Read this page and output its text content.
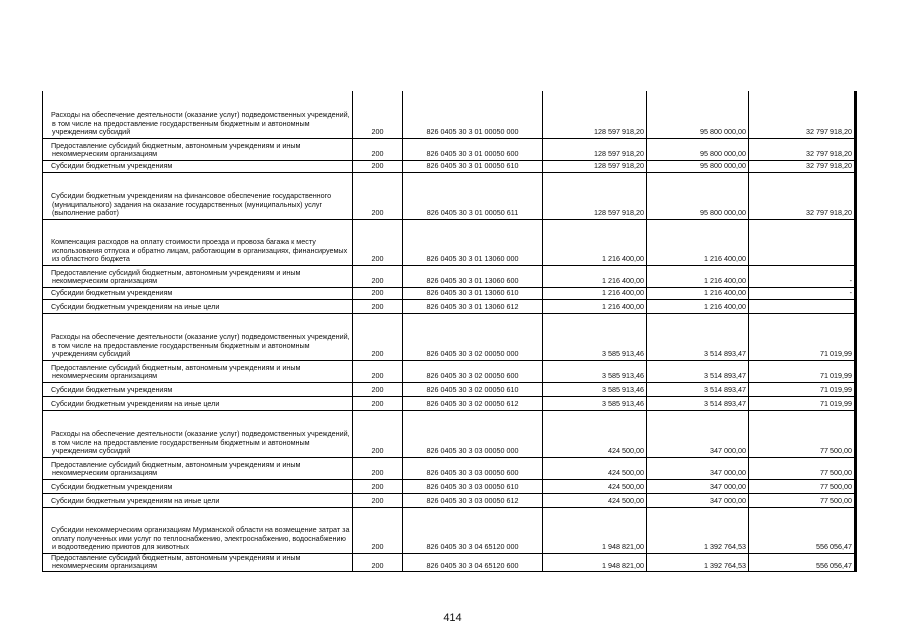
Расходы на обеспечение деятельности (оказание услуг) подведомственных учреждений, в том числе на предоставление государственным бюджетным и автономным учреждениям субсидий	200	826 0405 30 3 01 00050 000	128 597 918,20	95 800 000,00	32 797 918,20
Предоставление субсидий бюджетным, автономным учреждениям и иным некоммерческим организациям	200	826 0405 30 3 01 00050 600	128 597 918,20	95 800 000,00	32 797 918,20
Субсидии бюджетным учреждениям	200	826 0405 30 3 01 00050 610	128 597 918,20	95 800 000,00	32 797 918,20
Субсидии бюджетным учреждениям на финансовое обеспечение государственного (муниципального) задания на оказание государственных (муниципальных) услуг (выполнение работ)	200	826 0405 30 3 01 00050 611	128 597 918,20	95 800 000,00	32 797 918,20
Компенсация расходов на оплату стоимости проезда и провоза багажа к месту использования отпуска и обратно лицам, работающим в организациях, финансируемых из областного бюджета	200	826 0405 30 3 01 13060 000	1 216 400,00	1 216 400,00	
Предоставление субсидий бюджетным, автономным учреждениям и иным некоммерческим организациям	200	826 0405 30 3 01 13060 600	1 216 400,00	1 216 400,00	-
Субсидии бюджетным учреждениям	200	826 0405 30 3 01 13060 610	1 216 400,00	1 216 400,00	-
Субсидии бюджетным учреждениям на иные цели	200	826 0405 30 3 01 13060 612	1 216 400,00	1 216 400,00	
Расходы на обеспечение деятельности (оказание услуг) подведомственных учреждений, в том числе на предоставление государственным бюджетным и автономным учреждениям субсидий	200	826 0405 30 3 02 00050 000	3 585 913,46	3 514 893,47	71 019,99
Предоставление субсидий бюджетным, автономным учреждениям и иным некоммерческим организациям	200	826 0405 30 3 02 00050 600	3 585 913,46	3 514 893,47	71 019,99
Субсидии бюджетным учреждениям	200	826 0405 30 3 02 00050 610	3 585 913,46	3 514 893,47	71 019,99
Субсидии бюджетным учреждениям на иные цели	200	826 0405 30 3 02 00050 612	3 585 913,46	3 514 893,47	71 019,99
Расходы на обеспечение деятельности (оказание услуг) подведомственных учреждений, в том числе на предоставление государственным бюджетным и автономным учреждениям субсидий	200	826 0405 30 3 03 00050 000	424 500,00	347 000,00	77 500,00
Предоставление субсидий бюджетным, автономным учреждениям и иным некоммерческим организациям	200	826 0405 30 3 03 00050 600	424 500,00	347 000,00	77 500,00
Субсидии бюджетным учреждениям	200	826 0405 30 3 03 00050 610	424 500,00	347 000,00	77 500,00
Субсидии бюджетным учреждениям на иные цели	200	826 0405 30 3 03 00050 612	424 500,00	347 000,00	77 500,00
Субсидии некоммерческим организациям Мурманской области на возмещение затрат за оплату полученных ими услуг по теплоснабжению, электроснабжению, водоснабжению и водоотведению приютов для животных	200	826 0405 30 3 04 65120 000	1 948 821,00	1 392 764,53	556 056,47
Предоставление субсидий бюджетным, автономным учреждениям и иным некоммерческим организациям	200	826 0405 30 3 04 65120 600	1 948 821,00	1 392 764,53	556 056,47
414
